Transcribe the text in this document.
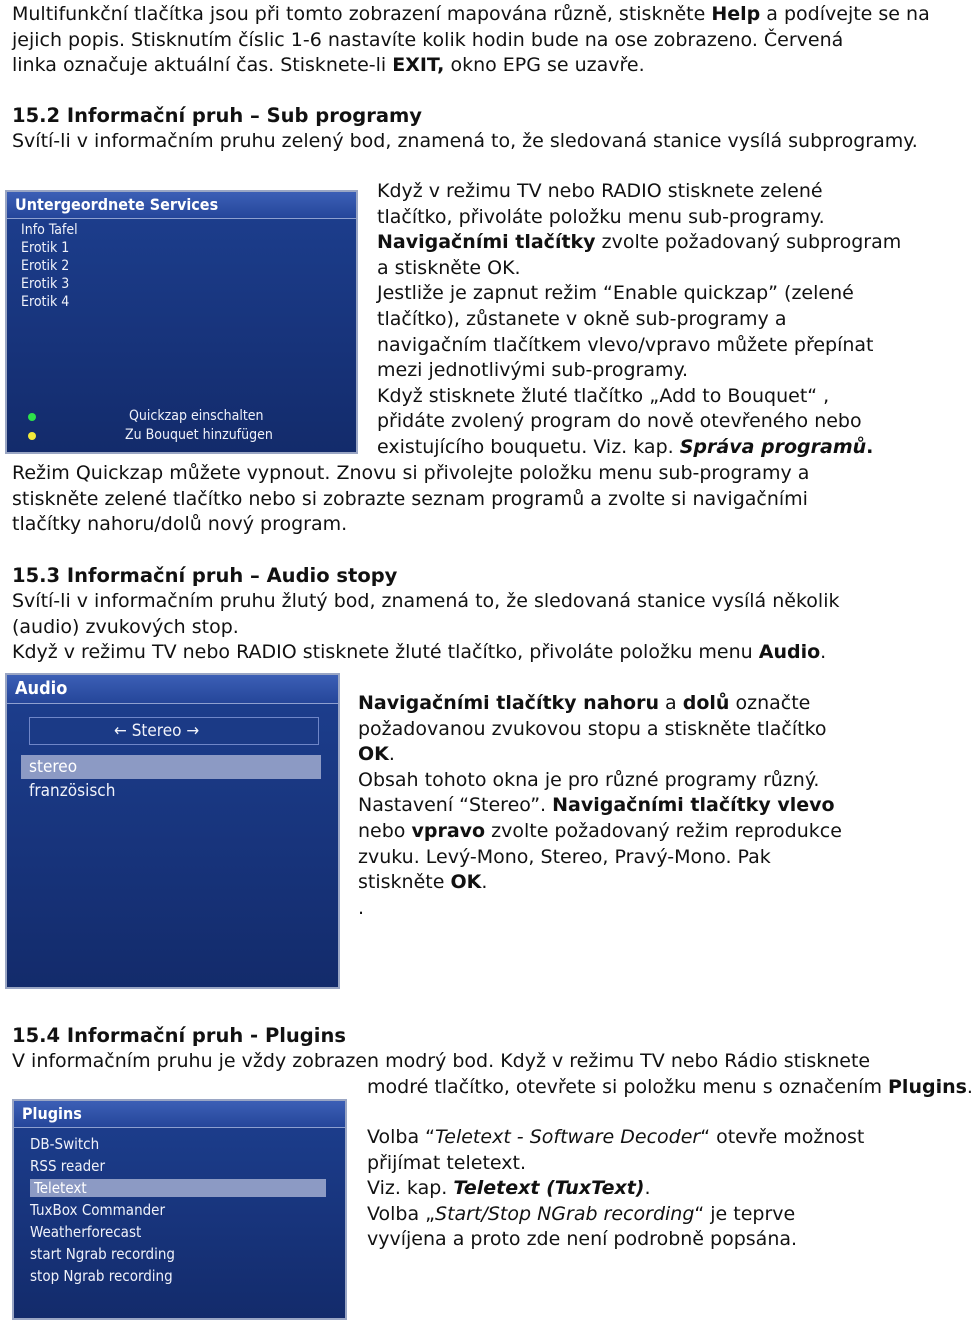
Multifunkční tlačítka jsou při tomto zobrazení mapována různě, stiskněte Help a podívejte se na
jejich popis. Stisknutím číslic 1-6 nastavíte kolik hodin bude na ose zobrazeno. Červená
linka označuje aktuální čas. Stisknete-li EXIT, okno EPG se uzavře.
15.2 Informační pruh – Sub programy
Svítí-li v informačním pruhu zelený bod, znamená to, že sledovaná stanice vysílá subprogramy.
Untergeordnete Services
Info Tafel
Erotik 1
Erotik 2
Erotik 3
Erotik 4
Quickzap einschalten
Zu Bouquet hinzufügen
Když v režimu TV nebo RADIO stisknete zelené
tlačítko, přivoláte položku menu sub-programy.
Navigačními tlačítky zvolte požadovaný subprogram
a stiskněte OK.
Jestliže je zapnut režim “Enable quickzap” (zelené
tlačítko), zůstanete v okně sub-programy a
navigačním tlačítkem vlevo/vpravo můžete přepínat
mezi jednotlivými sub-programy.
Když stisknete žluté tlačítko „Add to Bouquet“ ,
přidáte zvolený program do nově otevřeného nebo
existujícího bouquetu. Viz. kap. Správa programů.
Režim Quickzap můžete vypnout. Znovu si přivolejte položku menu sub-programy a
stiskněte zelené tlačítko nebo si zobrazte seznam programů a zvolte si navigačními
tlačítky nahoru/dolů nový program.
15.3 Informační pruh – Audio stopy
Svítí-li v informačním pruhu žlutý bod, znamená to, že sledovaná stanice vysílá několik
(audio) zvukových stop.
Když v režimu TV nebo RADIO stisknete žluté tlačítko, přivoláte položku menu Audio.
Audio
← Stereo →
stereo
französisch
Navigačními tlačítky nahoru a dolů označte
požadovanou zvukovou stopu a stiskněte tlačítko
OK.
Obsah tohoto okna je pro různé programy různý.
Nastavení “Stereo”. Navigačními tlačítky vlevo
nebo vpravo zvolte požadovaný režim reprodukce
zvuku. Levý-Mono, Stereo, Pravý-Mono. Pak
stiskněte OK.
.
15.4 Informační pruh - Plugins
V informačním pruhu je vždy zobrazen modrý bod. Když v režimu TV nebo Rádio stisknete
modré tlačítko, otevřete si položku menu s označením Plugins.
Plugins
DB-Switch
RSS reader
Teletext
TuxBox Commander
Weatherforecast
start Ngrab recording
stop Ngrab recording
Volba “Teletext - Software Decoder“ otevře možnost
přijímat teletext.
Viz. kap. Teletext (TuxText).
Volba „Start/Stop NGrab recording“ je teprve
vyvíjena a proto zde není podrobně popsána.
